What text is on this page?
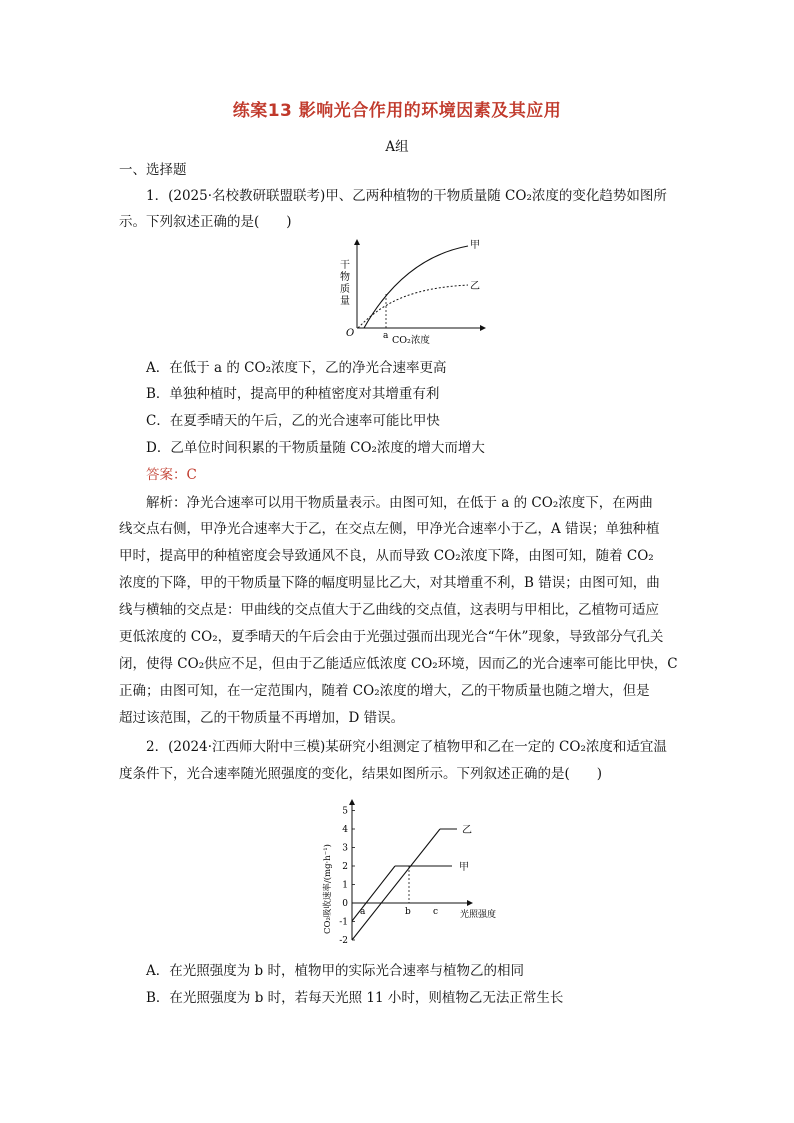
练案13 影响光合作用的环境因素及其应用
A组
一、选择题
1．(2025·名校教研联盟联考)甲、乙两种植物的干物质量随 CO₂浓度的变化趋势如图所
示。下列叙述正确的是(　　)
干
物
质
量
O	a
甲
乙
CO₂浓度
A．在低于 a 的 CO₂浓度下，乙的净光合速率更高
B．单独种植时，提高甲的种植密度对其增重有利
C．在夏季晴天的午后，乙的光合速率可能比甲快
D．乙单位时间积累的干物质量随 CO₂浓度的增大而增大
答案：C
解析：净光合速率可以用干物质量表示。由图可知，在低于 a 的 CO₂浓度下，在两曲
线交点右侧，甲净光合速率大于乙，在交点左侧，甲净光合速率小于乙，A 错误；单独种植
甲时，提高甲的种植密度会导致通风不良，从而导致 CO₂浓度下降，由图可知，随着 CO₂
浓度的下降，甲的干物质量下降的幅度明显比乙大，对其增重不利，B 错误；由图可知，曲
线与横轴的交点是：甲曲线的交点值大于乙曲线的交点值，这表明与甲相比，乙植物可适应
更低浓度的 CO₂，夏季晴天的午后会由于光强过强而出现光合“午休”现象，导致部分气孔关
闭，使得 CO₂供应不足，但由于乙能适应低浓度 CO₂环境，因而乙的光合速率可能比甲快，C
正确；由图可知，在一定范围内，随着 CO₂浓度的增大，乙的干物质量也随之增大，但是
超过该范围，乙的干物质量不再增加，D 错误。
2．(2024·江西师大附中三模)某研究小组测定了植物甲和乙在一定的 CO₂浓度和适宜温
度条件下，光合速率随光照强度的变化，结果如图所示。下列叙述正确的是(　　)
CO₂吸收速率/(mg·h⁻¹)
5
4
3
2
1
0
-1
-2
乙
甲
a	b c 光照强度
A．在光照强度为 b 时，植物甲的实际光合速率与植物乙的相同
B．在光照强度为 b 时，若每天光照 11 小时，则植物乙无法正常生长
